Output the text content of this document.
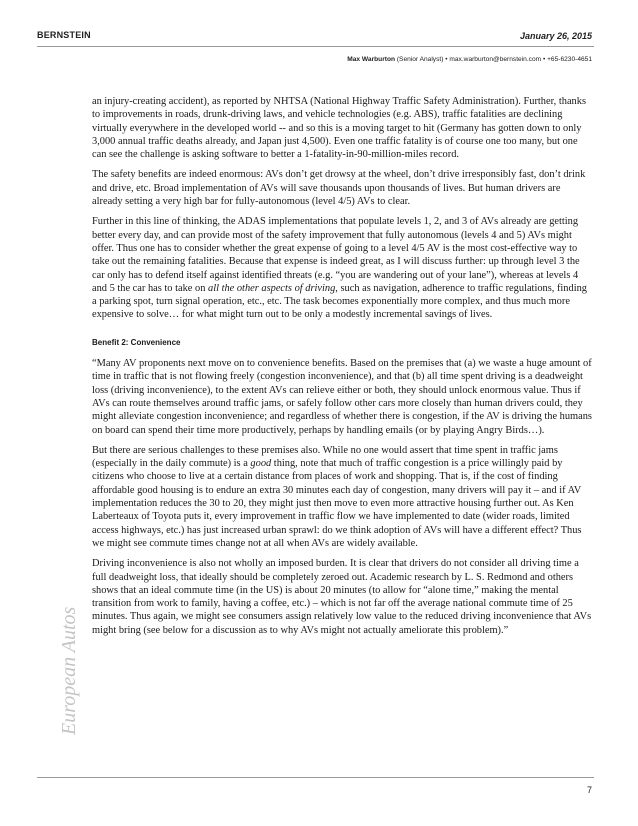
BERNSTEIN	January 26, 2015
Max Warburton (Senior Analyst) • max.warburton@bernstein.com • +65-6230-4651

an injury-creating accident), as reported by NHTSA (National Highway Traffic Safety Administration). Further, thanks to improvements in roads, drunk-driving laws, and vehicle technologies (e.g. ABS), traffic fatalities are declining virtually everywhere in the developed world -- and so this is a moving target to hit (Germany has gotten down to only 3,000 annual traffic deaths already, and Japan just 4,500). Even one traffic fatality is of course one too many, but one can see the challenge is asking software to better a 1-fatality-in-90-million-miles record.

The safety benefits are indeed enormous: AVs don’t get drowsy at the wheel, don’t drive irresponsibly fast, don’t drink and drive, etc. Broad implementation of AVs will save thousands upon thousands of lives. But human drivers are already setting a very high bar for fully-autonomous (level 4/5) AVs to clear.

Further in this line of thinking, the ADAS implementations that populate levels 1, 2, and 3 of AVs already are getting better every day, and can provide most of the safety improvement that fully autonomous (levels 4 and 5) AVs might offer. Thus one has to consider whether the great expense of going to a level 4/5 AV is the most cost-effective way to take out the remaining fatalities. Because that expense is indeed great, as I will discuss further: up through level 3 the car only has to defend itself against identified threats (e.g. “you are wandering out of your lane”), whereas at levels 4 and 5 the car has to take on all the other aspects of driving, such as navigation, adherence to traffic regulations, finding a parking spot, turn signal operation, etc., etc. The task becomes exponentially more complex, and thus much more expensive to solve… for what might turn out to be only a modestly incremental savings of lives.

Benefit 2: Convenience

“Many AV proponents next move on to convenience benefits. Based on the premises that (a) we waste a huge amount of time in traffic that is not flowing freely (congestion inconvenience), and that (b) all time spent driving is a deadweight loss (driving inconvenience), to the extent AVs can relieve either or both, they should unlock enormous value. Thus if AVs can route themselves around traffic jams, or safely follow other cars more closely than human drivers could, they might alleviate congestion inconvenience; and regardless of whether there is congestion, if the AV is driving the humans on board can spend their time more productively, perhaps by handling emails (or by playing Angry Birds…).

But there are serious challenges to these premises also. While no one would assert that time spent in traffic jams (especially in the daily commute) is a good thing, note that much of traffic congestion is a price willingly paid by citizens who choose to live at a certain distance from places of work and shopping. That is, if the cost of finding affordable good housing is to endure an extra 30 minutes each day of congestion, many drivers will pay it – and if AV implementation reduces the 30 to 20, they might just then move to even more attractive housing further out. As Ken Laberteaux of Toyota puts it, every improvement in traffic flow we have implemented to date (wider roads, limited access highways, etc.) has just increased urban sprawl: do we think adoption of AVs will have a different effect? Thus we might see commute times change not at all when AVs are widely available.

Driving inconvenience is also not wholly an imposed burden. It is clear that drivers do not consider all driving time a full deadweight loss, that ideally should be completely zeroed out. Academic research by L. S. Redmond and others shows that an ideal commute time (in the US) is about 20 minutes (to allow for “alone time,” making the mental transition from work to family, having a coffee, etc.) – which is not far off the average national commute time of 25 minutes. Thus again, we might see consumers assign relatively low value to the reduced driving inconvenience that AVs might bring (see below for a discussion as to why AVs might not actually ameliorate this problem).”

European Autos
7
